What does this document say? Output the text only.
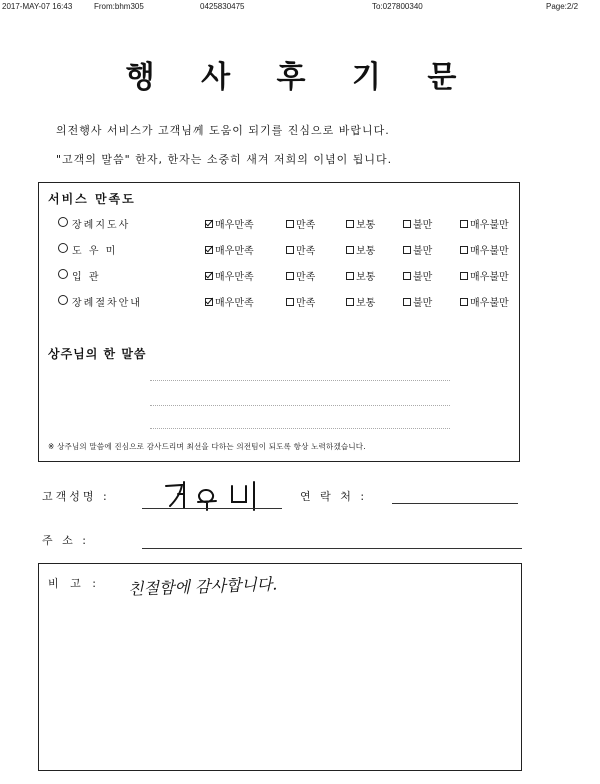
2017-MAY-07 16:43	From:bhm305	0425830475	To:027800340	Page:2/2
행 사 후 기 문
의전행사 서비스가 고객님께 도움이 되기를 진심으로 바랍니다.
"고객의 말씀" 한자, 한자는 소중히 새겨 저희의 이념이 됩니다.
서비스 만족도
장례지도사	매우만족	만족	보통	불만	매우불만
도 우 미	매우만족	만족	보통	불만	매우불만
입 관	매우만족	만족	보통	불만	매우불만
장례절차안내	매우만족	만족	보통	불만	매우불만
상주님의 한 말씀
※ 상주님의 말씀에 진심으로 감사드리며 최선을 다하는 의전팀이 되도록 항상 노력하겠습니다.
고객성명 :	연 락 처 :
주 소 :
비 고 : 친절함에 감사합니다.
